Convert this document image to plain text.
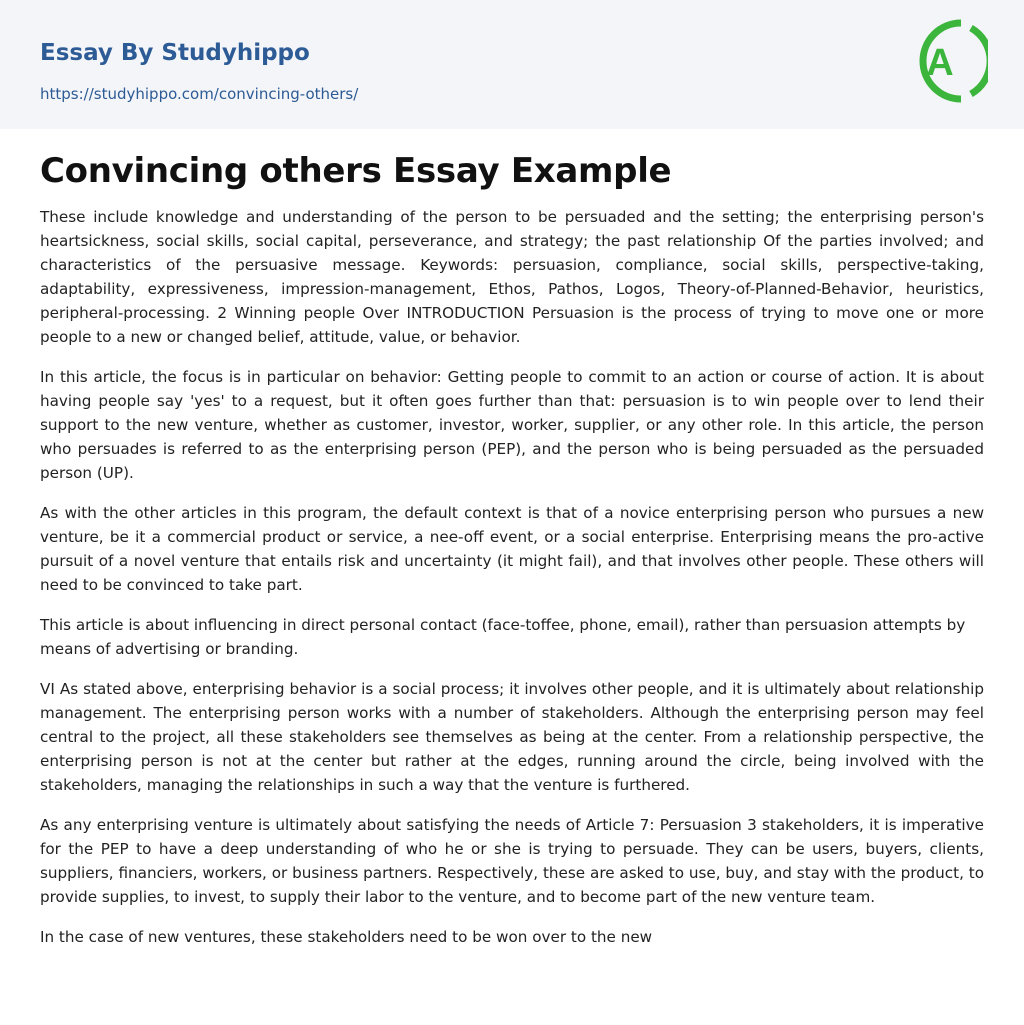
Essay By Studyhippo
https://studyhippo.com/convincing-others/
A
Convincing others Essay Example

These include knowledge and understanding of the person to be persuaded and the setting; the enterprising person's heartsickness, social skills, social capital, perseverance, and strategy; the past relationship Of the parties involved; and characteristics of the persuasive message. Keywords: persuasion, compliance, social skills, perspective-taking, adaptability, expressiveness, impression-management, Ethos, Pathos, Logos, Theory-of-Planned-Behavior, heuristics, peripheral-processing. 2 Winning people Over INTRODUCTION Persuasion is the process of trying to move one or more people to a new or changed belief, attitude, value, or behavior.

In this article, the focus is in particular on behavior: Getting people to commit to an action or course of action. It is about having people say 'yes' to a request, but it often goes further than that: persuasion is to win people over to lend their support to the new venture, whether as customer, investor, worker, supplier, or any other role. In this article, the person who persuades is referred to as the enterprising person (PEP), and the person who is being persuaded as the persuaded person (UP).

As with the other articles in this program, the default context is that of a novice enterprising person who pursues a new venture, be it a commercial product or service, a nee-off event, or a social enterprise. Enterprising means the pro-active pursuit of a novel venture that entails risk and uncertainty (it might fail), and that involves other people. These others will need to be convinced to take part.

This article is about influencing in direct personal contact (face-toffee, phone, email), rather than persuasion attempts by means of advertising or branding.

VI As stated above, enterprising behavior is a social process; it involves other people, and it is ultimately about relationship management. The enterprising person works with a number of stakeholders. Although the enterprising person may feel central to the project, all these stakeholders see themselves as being at the center. From a relationship perspective, the enterprising person is not at the center but rather at the edges, running around the circle, being involved with the stakeholders, managing the relationships in such a way that the venture is furthered.

As any enterprising venture is ultimately about satisfying the needs of Article 7: Persuasion 3 stakeholders, it is imperative for the PEP to have a deep understanding of who he or she is trying to persuade. They can be users, buyers, clients, suppliers, financiers, workers, or business partners. Respectively, these are asked to use, buy, and stay with the product, to provide supplies, to invest, to supply their labor to the venture, and to become part of the new venture team.

In the case of new ventures, these stakeholders need to be won over to the new
